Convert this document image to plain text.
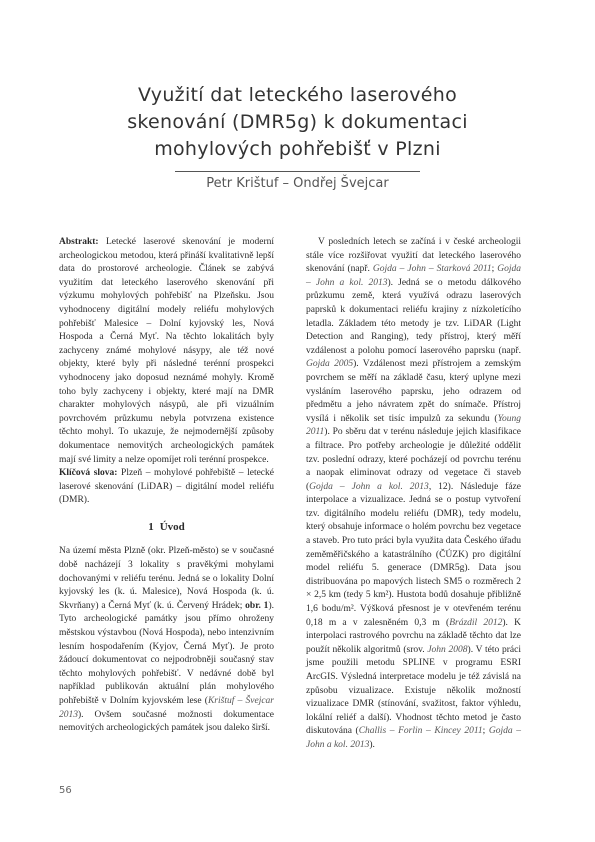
Využití dat leteckého laserového
skenování (DMR5g) k dokumentaci
mohylových pohřebišť v Plzni
Petr Krištuf – Ondřej Švejcar

Abstrakt: Letecké laserové skenování je moderní archeologickou metodou, která přináší kvalitativně lepší data do prostorové archeologie. Článek se zabývá využitím dat leteckého laserového skenování při výzkumu mohylových pohřebišť na Plzeňsku. Jsou vyhodnoceny digitální modely reliéfu mohylových pohřebišť Malesice – Dolní kyjovský les, Nová Hospoda a Černá Myť. Na těchto lokalitách byly zachyceny známé mohylové násypy, ale též nové objekty, které byly při následné terénní prospekci vyhodnoceny jako doposud neznámé mohyly. Kromě toho byly zachyceny i objekty, které mají na DMR charakter mohylových násypů, ale při vizuálním povrchovém průzkumu nebyla potvrzena existence těchto mohyl. To ukazuje, že nejmodernější způsoby dokumentace nemovitých archeologických památek mají své limity a nelze opomíjet roli terénní prospekce.

Klíčová slova: Plzeň – mohylové pohřebiště – letecké laserové skenování (LiDAR) – digitální model reliéfu (DMR).

1 Úvod

Na území města Plzně (okr. Plzeň-město) se v současné době nacházejí 3 lokality s pravěkými mohylami dochovanými v reliéfu terénu. Jedná se o lokality Dolní kyjovský les (k. ú. Malesice), Nová Hospoda (k. ú. Skvrňany) a Černá Myť (k. ú. Červený Hrádek; obr. 1). Tyto archeologické památky jsou přímo ohroženy městskou výstavbou (Nová Hospoda), nebo intenzivním lesním hospodařením (Kyjov, Černá Myť). Je proto žádoucí dokumentovat co nejpodrobněji současný stav těchto mohylových pohřebišť. V nedávné době byl například publikován aktuální plán mohylového pohřebiště v Dolním kyjovském lese (Krištuf – Švejcar 2013). Ovšem současné možnosti dokumentace nemovitých archeologických památek jsou daleko širší.

V posledních letech se začíná i v české archeologii stále více rozšiřovat využití dat leteckého laserového skenování (např. Gojda – John – Starková 2011; Gojda – John a kol. 2013). Jedná se o metodu dálkového průzkumu země, která využívá odrazu laserových paprsků k dokumentaci reliéfu krajiny z nízkoletícího letadla. Základem této metody je tzv. LiDAR (Light Detection and Ranging), tedy přístroj, který měří vzdálenost a polohu pomocí laserového paprsku (např. Gojda 2005). Vzdálenost mezi přístrojem a zemským povrchem se měří na základě času, který uplyne mezi vysláním laserového paprsku, jeho odrazem od předmětu a jeho návratem zpět do snímače. Přístroj vysílá i několik set tisíc impulzů za sekundu (Young 2011). Po sběru dat v terénu následuje jejich klasifikace a filtrace. Pro potřeby archeologie je důležité oddělit tzv. poslední odrazy, které pocházejí od povrchu terénu a naopak eliminovat odrazy od vegetace či staveb (Gojda – John a kol. 2013, 12). Následuje fáze interpolace a vizualizace. Jedná se o postup vytvoření tzv. digitálního modelu reliéfu (DMR), tedy modelu, který obsahuje informace o holém povrchu bez vegetace a staveb. Pro tuto práci byla využita data Českého úřadu zeměměřičského a katastrálního (ČÚZK) pro digitální model reliéfu 5. generace (DMR5g). Data jsou distribuována po mapových listech SM5 o rozměrech 2 × 2,5 km (tedy 5 km²). Hustota bodů dosahuje přibližně 1,6 bodu/m². Výšková přesnost je v otevřeném terénu 0,18 m a v zalesněném 0,3 m (Brázdil 2012). K interpolaci rastrového povrchu na základě těchto dat lze použít několik algoritmů (srov. John 2008). V této práci jsme použili metodu SPLINE v programu ESRI ArcGIS. Výsledná interpretace modelu je též závislá na způsobu vizualizace. Existuje několik možností vizualizace DMR (stínování, svažitost, faktor výhledu, lokální reliéf a další). Vhodnost těchto metod je často diskutována (Challis – Forlin – Kincey 2011; Gojda – John a kol. 2013).

56
